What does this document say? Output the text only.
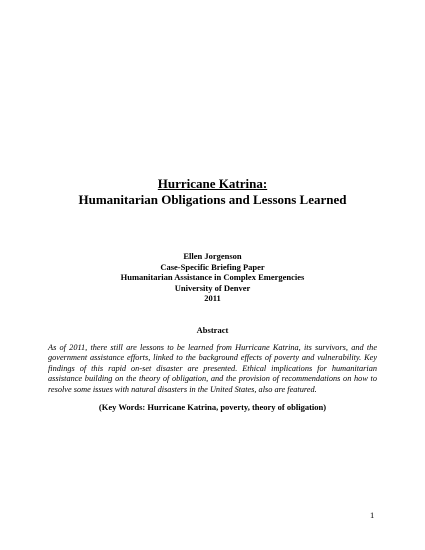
Hurricane Katrina:
Humanitarian Obligations and Lessons Learned
Ellen Jorgenson
Case-Specific Briefing Paper
Humanitarian Assistance in Complex Emergencies
University of Denver
2011
Abstract
As of 2011, there still are lessons to be learned from Hurricane Katrina, its survivors, and the government assistance efforts, linked to the background effects of poverty and vulnerability. Key findings of this rapid on-set disaster are presented. Ethical implications for humanitarian assistance building on the theory of obligation, and the provision of recommendations on how to resolve some issues with natural disasters in the United States, also are featured.
(Key Words: Hurricane Katrina, poverty, theory of obligation)
1
